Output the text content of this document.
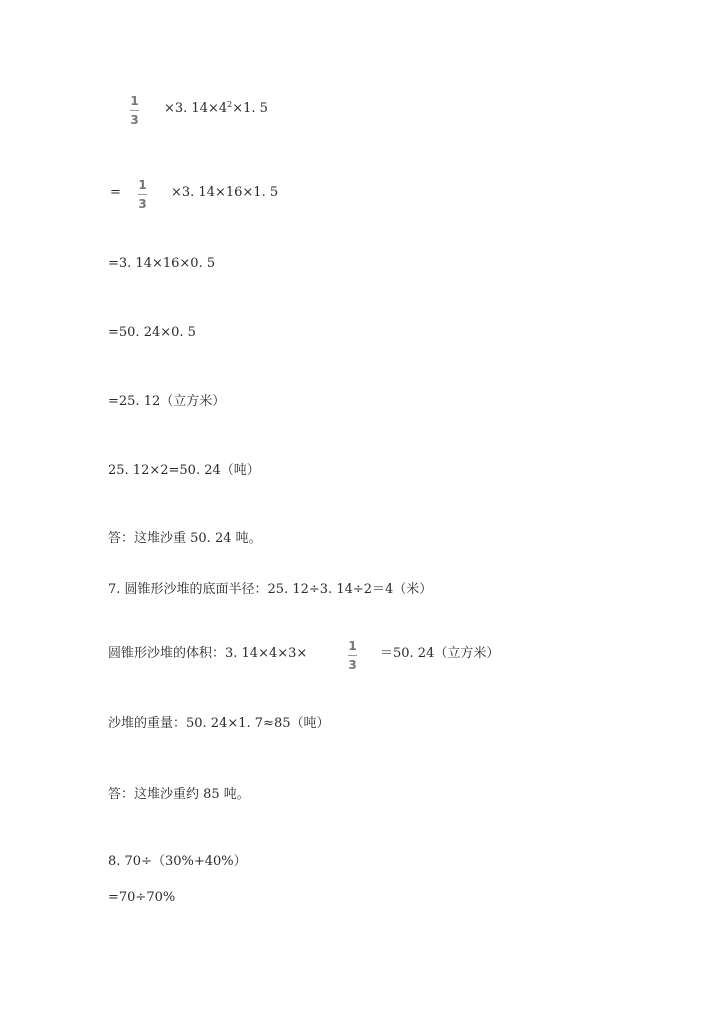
1
3
×3. $14\times 4^2\times 1$. 5
= 1
3
×3. 14×16×1. 5
=3. 14×16×0. 5
=50. 24×0. 5
=25. 12（立方米）
25. 12×2=50. 24（吨）
答：这堆沙重 50. 24 吨。
7. 圆锥形沙堆的底面半径：25. 12÷3. 14÷2＝4（米）
圆锥形沙堆的体积：3. 14×4×3×	1
3
＝50. 24（立方米）
沙堆的重量：50. 24×1. 7≈85（吨）
答：这堆沙重约 85 吨。
8. 70÷（30%+40%）
=70÷70%
